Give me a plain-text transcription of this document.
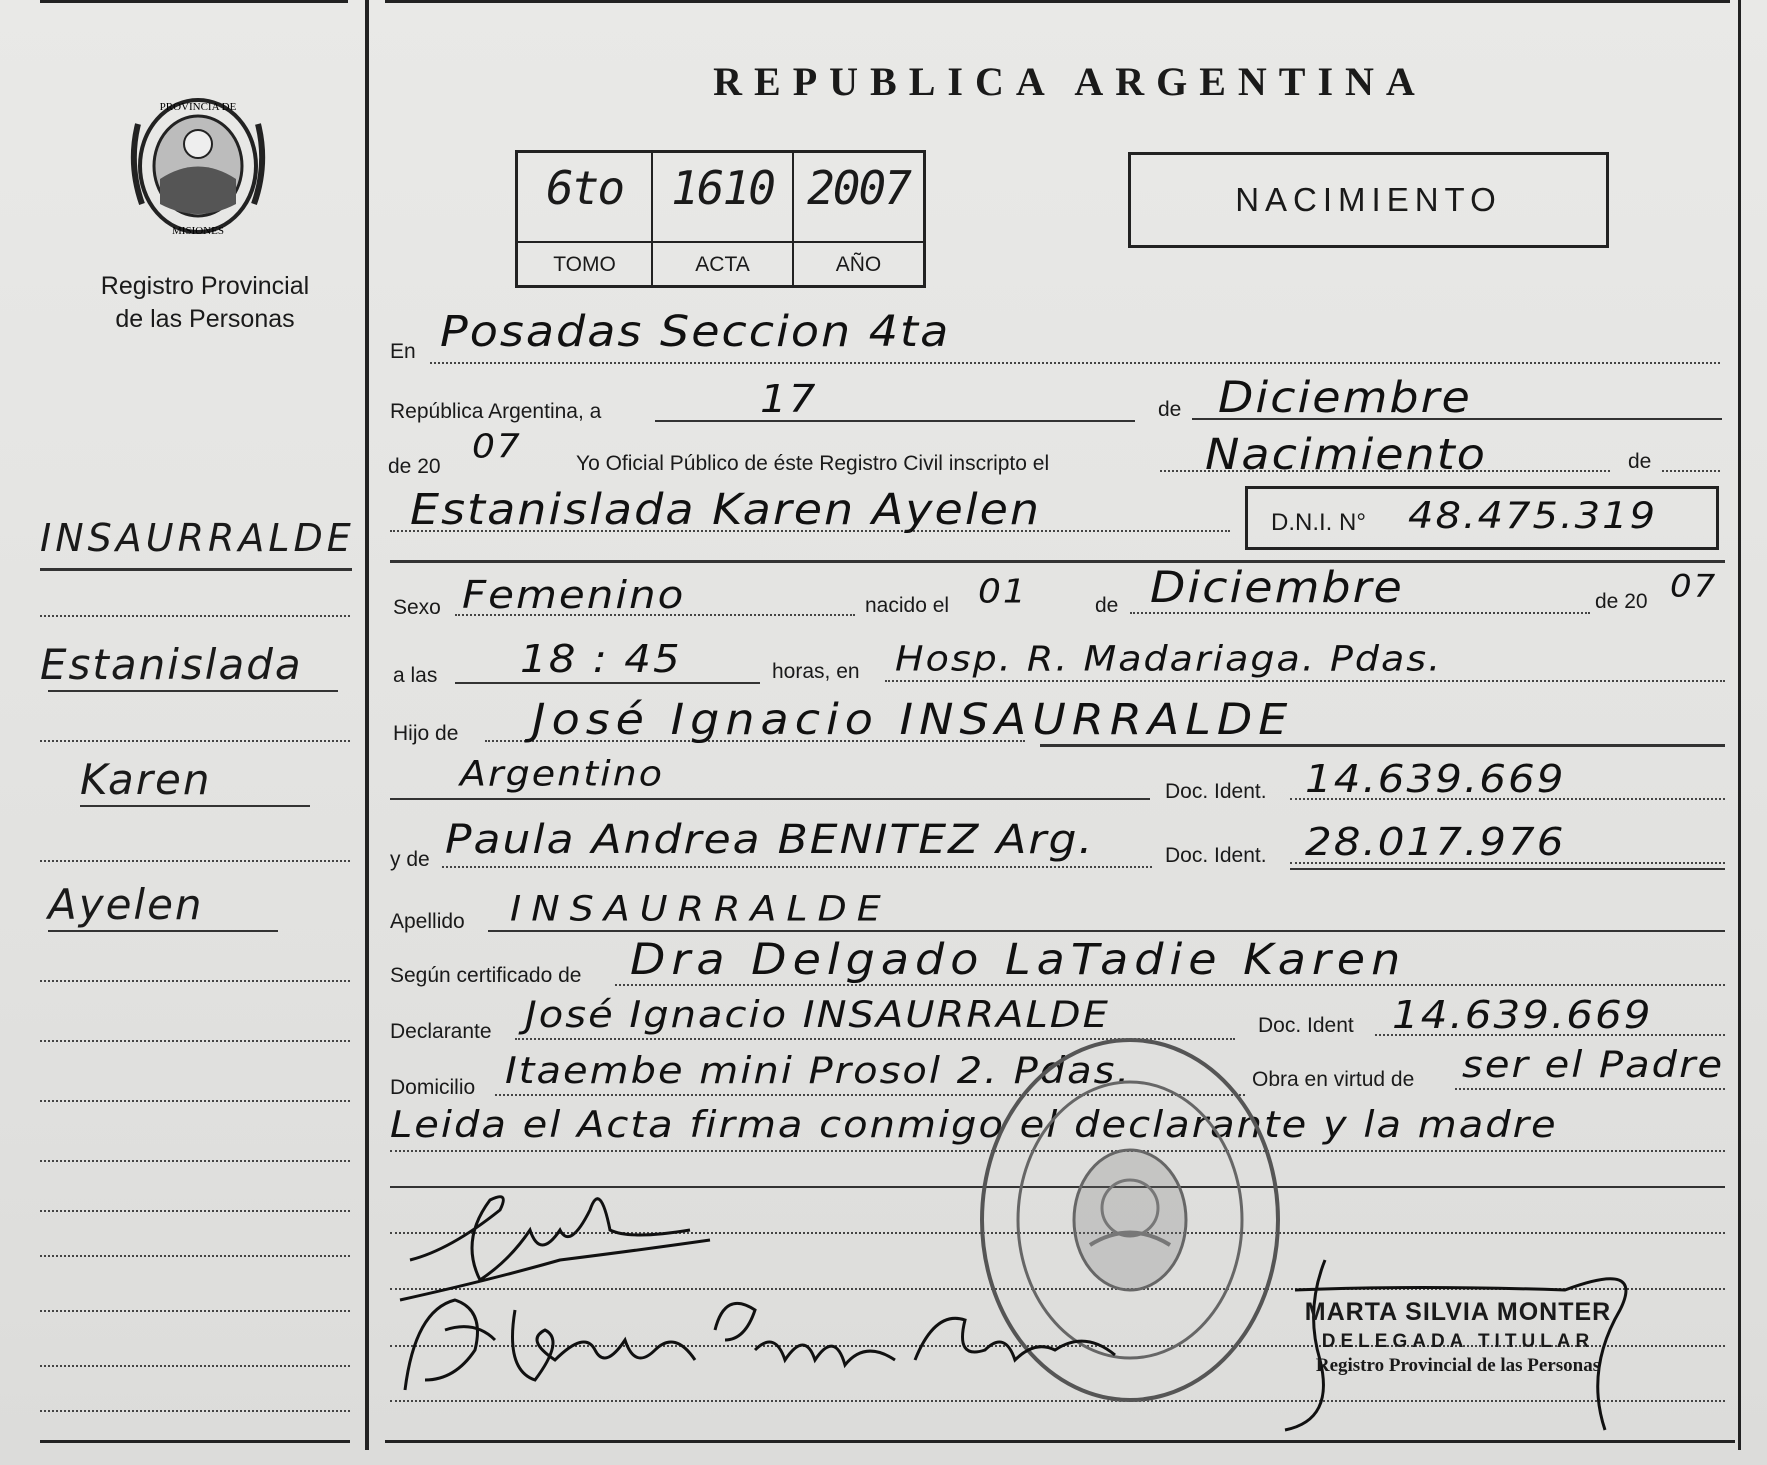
PROVINCIA DE
MISIONES
Registro Provincial
de las Personas
REPUBLICA ARGENTINA
6to	1610 2007
TOMO	ACTA	AÑO
NACIMIENTO
INSAURRALDE
Estanislada
Karen
Ayelen
En Posadas Seccion 4ta
República Argentina, a	17	de Diciembre
de 20
07	Yo Oficial Público de éste Registro Civil inscripto el	Nacimiento	de
Estanislada Karen Ayelen	D.N.I. N° 48.475.319
Sexo Femenino	nacido el 01	de Diciembre	de 20 07
a las 18 : 45	horas, en Hosp. R. Madariaga. Pdas.
Hijo de José Ignacio INSAURRALDE
Argentino	Doc. Ident. 14.639.669
y de Paula Andrea BENITEZ Arg.	Doc. Ident. 28.017.976
Apellido INSAURRALDE
Según certificado de Dra Delgado LaTadie Karen
Declarante José Ignacio INSAURRALDE	Doc. Ident 14.639.669
Domicilio Itaembe mini Prosol 2. Pdas.	Obra en virtud de ser el Padre
Leida el Acta firma conmigo el declarante y la madre
MARTA SILVIA MONTER
DELEGADA TITULAR
Registro Provincial de las Personas
